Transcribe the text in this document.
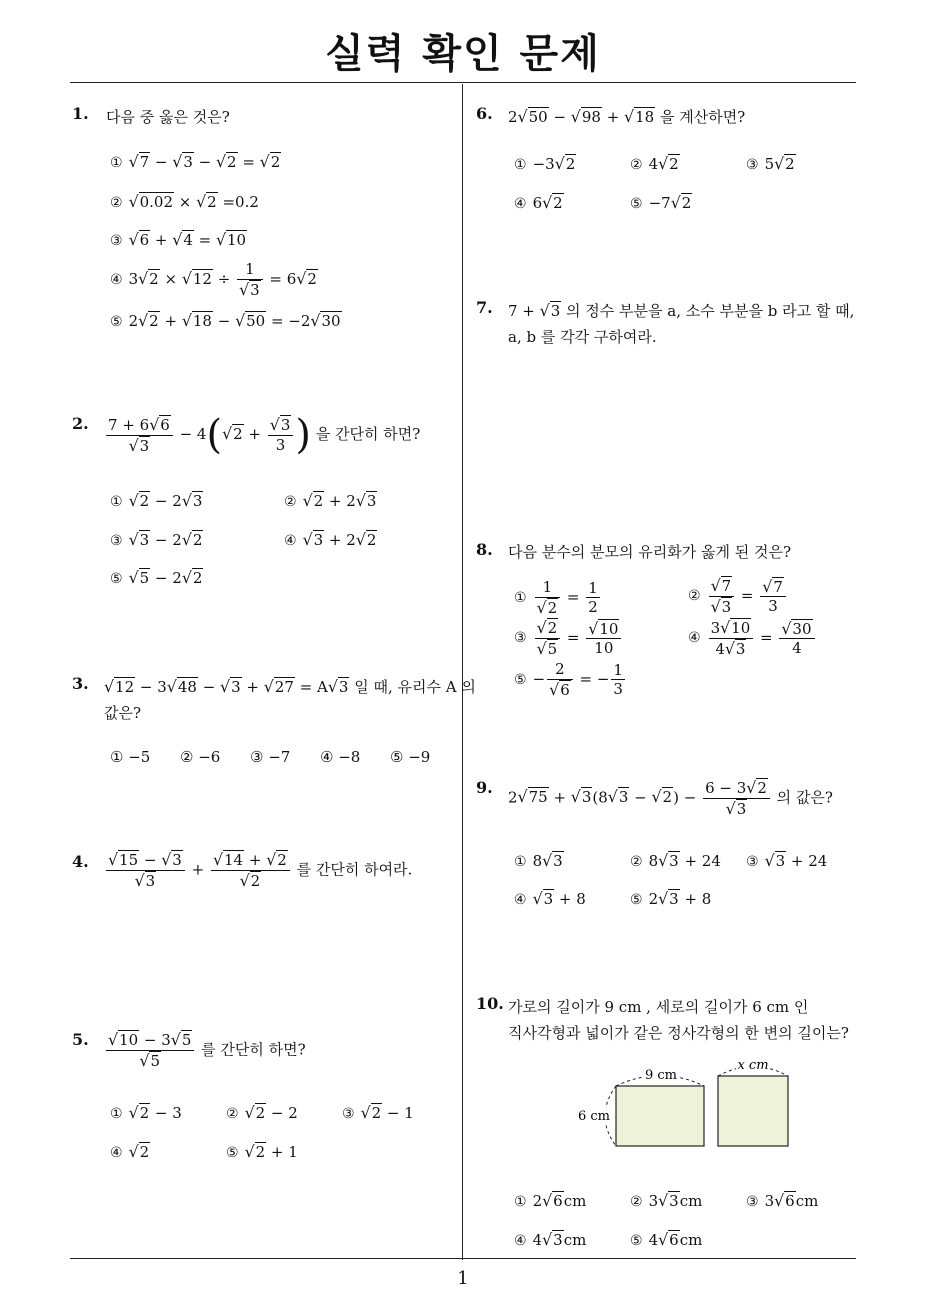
실력 확인 문제
1
1. 다음 중 옳은 것은?
① √7 − √3 − √2 = √2
② √0.02 × √2 =0.2
③ √6 + √4 = √10
④ $3√2 \times √12 \div \frac{1}{√3} = 6√2$
⑤ 2√2 + √18 − √50 = −2√30
2. $\frac{7 + 6√6}{√3} - 4(√2 + \frac{√3}{3}$ ) 을 간단히 하면?
① √2 − 2√3	② √2 + 2√3
③ √3 − 2√2	④ √3 + 2√2
⑤ √5 − 2√2
3. √12 − 3√48 − √3 + √27 = A√3 일 때, 유리수 A 의
값은?
① −5 ② −6 ③ −7 ④ −8 ⑤ −9
4. $\frac{√15 - √3}{√3} + \frac{√14 + √2}{√2}$ 를 간단히 하여라.
5. $\frac{√10 - 3√5}{√5}$ 를 간단히 하면?
① √2 − 3	② √2 − 2	③ √2 − 1
④ √2	⑤ √2 + 1
6. 2√50 − √98 + √18 을 계산하면?
① −3√2	② 4√2	③ 5√2
④ 6√2	⑤ −7√2
7. 7 + √3 의 정수 부분을 a, 소수 부분을 b 라고 할 때,
a, b 를 각각 구하여라.
8. 다음 분수의 분모의 유리화가 옳게 된 것은?
① $\frac{1}{√2} = \frac{1}{2}$	② $\frac{√7}{√3} = \frac{√7}{3}$
③ $\frac{√2}{√5} = \frac{√10}{10}$	④ $\frac{3√10}{4√3} = \frac{√30}{4}$
⑤ − $\frac{2}{√6}$ = − $\frac{1}{3}$
9.
$2√75 + √3(8√3 - √2) - \frac{6 - 3√2}{√3}$ 의 값은?
① 8√3	② 8√3 + 24 ③ √3 + 24
④ √3 + 8	⑤ 2√3 + 8
10. 가로의 길이가 9 cm , 세로의 길이가 6 cm 인
직사각형과 넓이가 같은 정사각형의 한 변의 길이는?
9 cm
x cm
6 cm
① 2√6cm	② 3√3cm	③ 3√6cm
④ 4√3cm	⑤ 4√6cm
